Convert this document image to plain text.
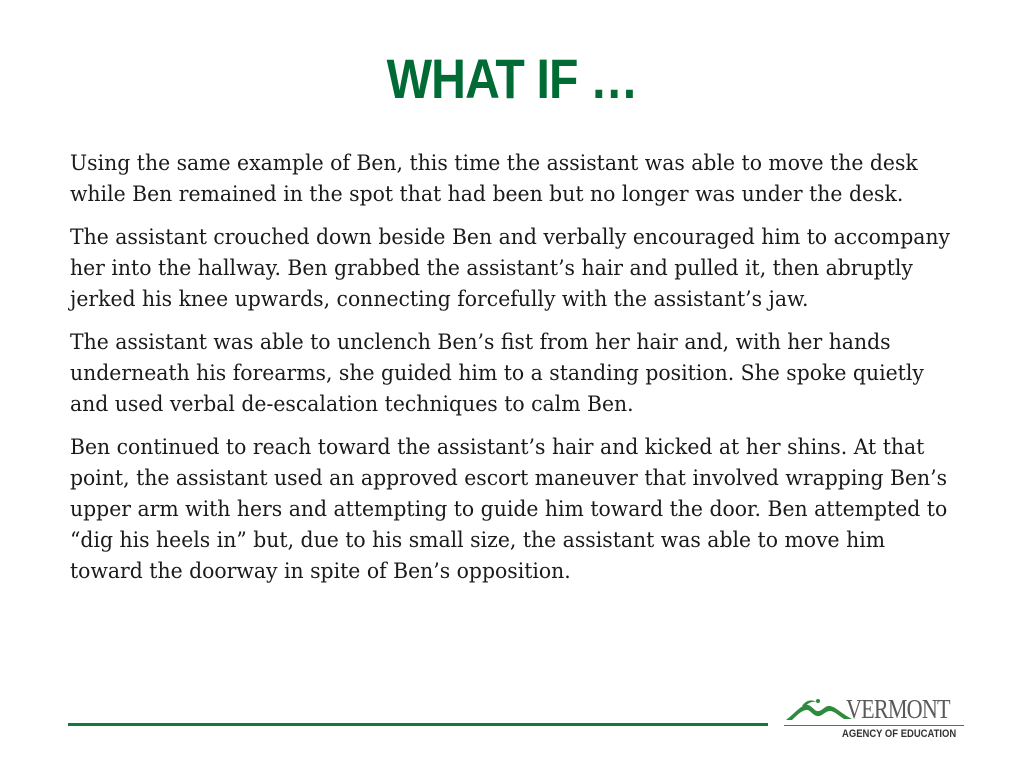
WHAT IF …

Using the same example of Ben, this time the assistant was able to move the desk while Ben remained in the spot that had been but no longer was under the desk.

The assistant crouched down beside Ben and verbally encouraged him to accompany her into the hallway. Ben grabbed the assistant’s hair and pulled it, then abruptly jerked his knee upwards, connecting forcefully with the assistant’s jaw.

The assistant was able to unclench Ben’s fist from her hair and, with her hands underneath his forearms, she guided him to a standing position. She spoke quietly and used verbal de-escalation techniques to calm Ben.

Ben continued to reach toward the assistant’s hair and kicked at her shins. At that point, the assistant used an approved escort maneuver that involved wrapping Ben’s upper arm with hers and attempting to guide him toward the door. Ben attempted to “dig his heels in” but, due to his small size, the assistant was able to move him toward the doorway in spite of Ben’s opposition.

VERMONT
AGENCY OF EDUCATION
